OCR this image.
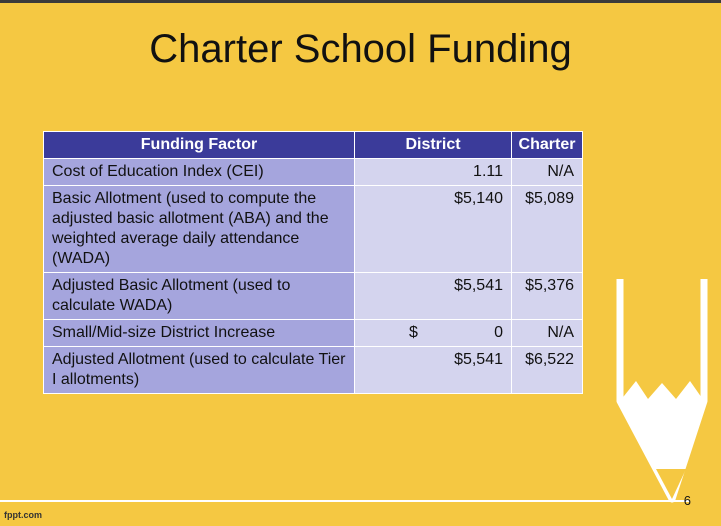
Charter School Funding
Funding Factor	District	Charter
Cost of Education Index (CEI)	1.11	N/A
Basic Allotment (used to compute the adjusted basic allotment (ABA) and the weighted average daily attendance (WADA)	$5,140	$5,089
Adjusted Basic Allotment (used to calculate WADA)	$5,541	$5,376
Small/Mid-size District Increase	$ 0	N/A
Adjusted Allotment (used to calculate Tier I allotments)	$5,541	$6,522
6
fppt.com
